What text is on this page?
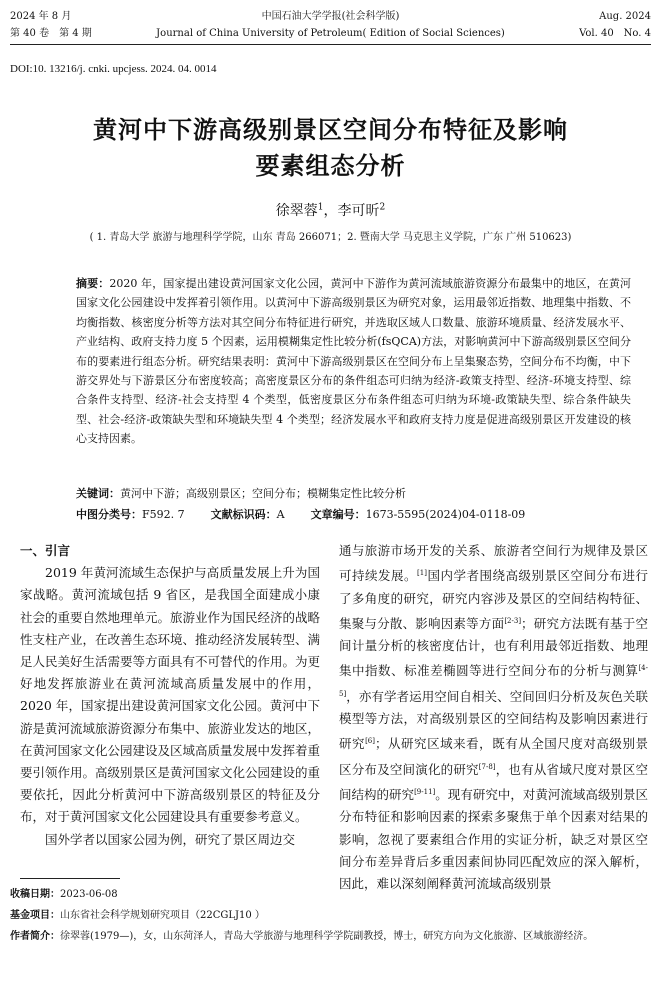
2024 年 8 月
第 40 卷　第 4 期
中国石油大学学报(社会科学版)
Journal of China University of Petroleum( Edition of Social Sciences)
Aug. 2024
Vol. 40　No. 4
DOI:10. 13216/j. cnki. upcjess. 2024. 04. 0014
黄河中下游高级别景区空间分布特征及影响
要素组态分析
徐翠蓉$^1$，李可昕$^2$
( 1. 青岛大学 旅游与地理科学学院，山东 青岛 266071；2. 暨南大学 马克思主义学院，广东 广州 510623)
摘要：2020 年，国家提出建设黄河国家文化公园，黄河中下游作为黄河流域旅游资源分布最集中的地区，在黄河国家文化公园建设中发挥着引领作用。以黄河中下游高级别景区为研究对象，运用最邻近指数、地理集中指数、不均衡指数、核密度分析等方法对其空间分布特征进行研究，并选取区域人口数量、旅游环境质量、经济发展水平、产业结构、政府支持力度 5 个因素，运用模糊集定性比较分析(fsQCA)方法，对影响黄河中下游高级别景区空间分布的要素进行组态分析。研究结果表明：黄河中下游高级别景区在空间分布上呈集聚态势，空间分布不均衡，中下游交界处与下游景区分布密度较高；高密度景区分布的条件组态可归纳为经济-政策支持型、经济-环境支持型、综合条件支持型、经济-社会支持型 4 个类型，低密度景区分布条件组态可归纳为环境-政策缺失型、综合条件缺失型、社会-经济-政策缺失型和环境缺失型 4 个类型；经济发展水平和政府支持力度是促进高级别景区开发建设的核心支持因素。
关键词：黄河中下游；高级别景区；空间分布；模糊集定性比较分析
中图分类号：F592. 7 文献标识码：A 文章编号：1673-5595(2024)04-0118-09

一、引言

2019 年黄河流域生态保护与高质量发展上升为国家战略。黄河流域包括 9 省区，是我国全面建成小康社会的重要自然地理单元。旅游业作为国民经济的战略性支柱产业，在改善生态环境、推动经济发展转型、满足人民美好生活需要等方面具有不可替代的作用。为更好地发挥旅游业在黄河流域高质量发展中的作用，2020 年，国家提出建设黄河国家文化公园。黄河中下游是黄河流域旅游资源分布集中、旅游业发达的地区，在黄河国家文化公园建设及区域高质量发展中发挥着重要引领作用。高级别景区是黄河国家文化公园建设的重要依托，因此分析黄河中下游高级别景区的特征及分布，对于黄河国家文化公园建设具有重要参考意义。

国外学者以国家公园为例，研究了景区周边交

通与旅游市场开发的关系、旅游者空间行为规律及景区可持续发展。[1]国内学者围绕高级别景区空间分布进行了多角度的研究，研究内容涉及景区的空间结构特征、集聚与分散、影响因素等方面[2-3]；研究方法既有基于空间计量分析的核密度估计，也有利用最邻近指数、地理集中指数、标准差椭圆等进行空间分布的分析与测算[4-5]，亦有学者运用空间自相关、空间回归分析及灰色关联模型等方法，对高级别景区的空间结构及影响因素进行研究[6]；从研究区域来看，既有从全国尺度对高级别景区分布及空间演化的研究[7-8]，也有从省域尺度对景区空间结构的研究[9-11]。现有研究中，对黄河流域高级别景区分布特征和影响因素的探索多聚焦于单个因素对结果的影响，忽视了要素组合作用的实证分析，缺乏对景区空间分布差异背后多重因素间协同匹配效应的深入解析，因此，难以深刻阐释黄河流域高级别景

收稿日期：2023-06-08
基金项目：山东省社会科学规划研究项目（22CGLJ10 ）
作者简介：徐翠蓉(1979—)，女，山东菏泽人，青岛大学旅游与地理科学学院副教授，博士，研究方向为文化旅游、区域旅游经济。
